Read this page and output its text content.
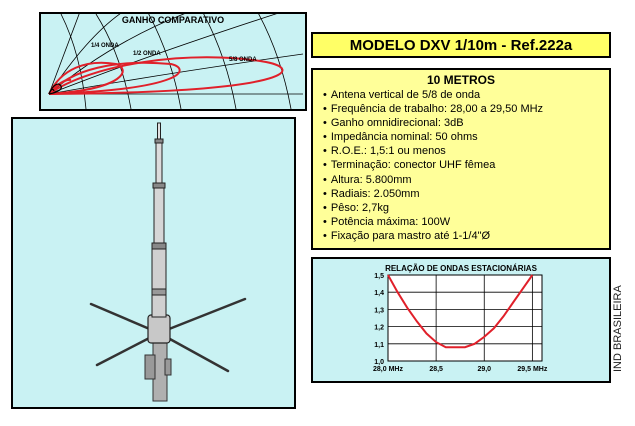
GANHO COMPARATIVO
1/4 ONDA
1/2 ONDA
5/8 ONDA
MODELO DXV 1/10m - Ref.222a
10 METROS
• Antena vertical de 5/8 de onda
• Frequência de trabalho: 28,00 a 29,50 MHz
• Ganho omnidirecional: 3dB
• Impedância nominal: 50 ohms
• R.O.E.: 1,5:1 ou menos
• Terminação: conector UHF fêmea
• Altura: 5.800mm
• Radiais: 2.050mm
• Pêso: 2,7kg
• Potência máxima: 100W
• Fixação para mastro até 1-1/4"Ø
RELAÇÃO DE ONDAS ESTACIONÁRIAS
28,0 MHz	28,5	29,0	29,5 MHz
1,0
1,1
1,2
1,3
1,4
1,5
IND BRASILEIRA
